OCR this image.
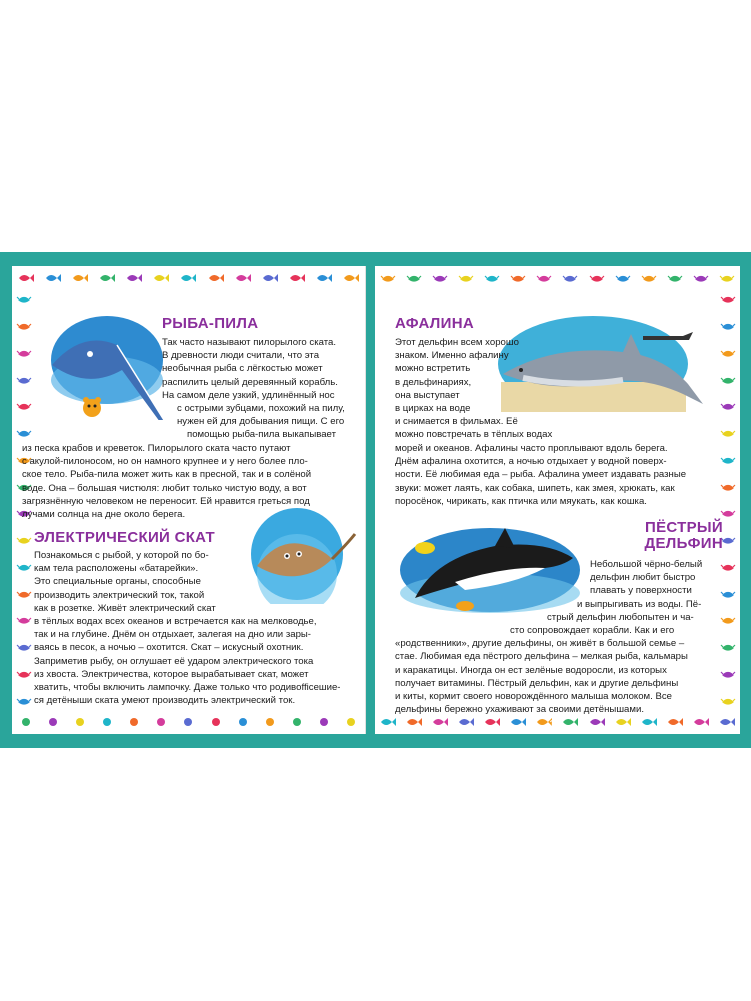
РЫБА-ПИЛА

Так часто называют пилорылого ската.

В древности люди считали, что эта

необычная рыба с лёгкостью может

распилить целый деревянный корабль.

На самом деле узкий, удлинённый нос

с острыми зубцами, похожий на пилу,

нужен ей для добывания пищи. С его

помощью рыба-пила выкапывает

из песка крабов и креветок. Пилорылого ската часто путают

с акулой-пилоносом, но он намного крупнее и у него более пло-

ское тело. Рыба-пила может жить как в пресной, так и в солёной

воде. Она – большая чистюля: любит только чистую воду, а вот

загрязнённую человеком не переносит. Ей нравится греться под

лучами солнца на дне около берега.

ЭЛЕКТРИЧЕСКИЙ СКАТ

Познакомься с рыбой, у которой по бо-

кам тела расположены «батарейки».

Это специальные органы, способные

производить электрический ток, такой

как в розетке. Живёт электрический скат

в тёплых водах всех океанов и встречается как на мелководье,

так и на глубине. Днём он отдыхает, залегая на дно или зары-

ваясь в песок, а ночью – охотится. Скат – искусный охотник.

Заприметив рыбу, он оглушает её ударом электрического тока

из хвоста. Электричества, которое вырабатывает скат, может

хватить, чтобы включить лампочку. Даже только что родивofficeшие-

ся детёныши ската умеют производить электрический ток.

16
АФАЛИНА

Этот дельфин всем хорошо

знаком. Именно афалину

можно встретить

в дельфинариях,

она выступает

в цирках на воде

и снимается в фильмах. Её

можно повстречать в тёплых водах

морей и океанов. Афалины часто проплывают вдоль берега.

Днём афалина охотится, а ночью отдыхает у водной поверх-

ности. Её любимая еда – рыба. Афалина умеет издавать разные

звуки: может лаять, как собака, шипеть, как змея, хрюкать, как

поросёнок, чирикать, как птичка или мяукать, как кошка.

ПЁСТРЫЙ
ДЕЛЬФИН

Небольшой чёрно-белый

дельфин любит быстро

плавать у поверхности

и выпрыгивать из воды. Пё-

стрый дельфин любопытен и ча-

сто сопровождает корабли. Как и его

«родственники», другие дельфины, он живёт в большой семье –

стае. Любимая еда пёстрого дельфина – мелкая рыба, кальмары

и каракатицы. Иногда он ест зелёные водоросли, из которых

получает витамины. Пёстрый дельфин, как и другие дельфины

и киты, кормит своего новорождённого малыша молоком. Все

дельфины бережно ухаживают за своими детёнышами.

17
